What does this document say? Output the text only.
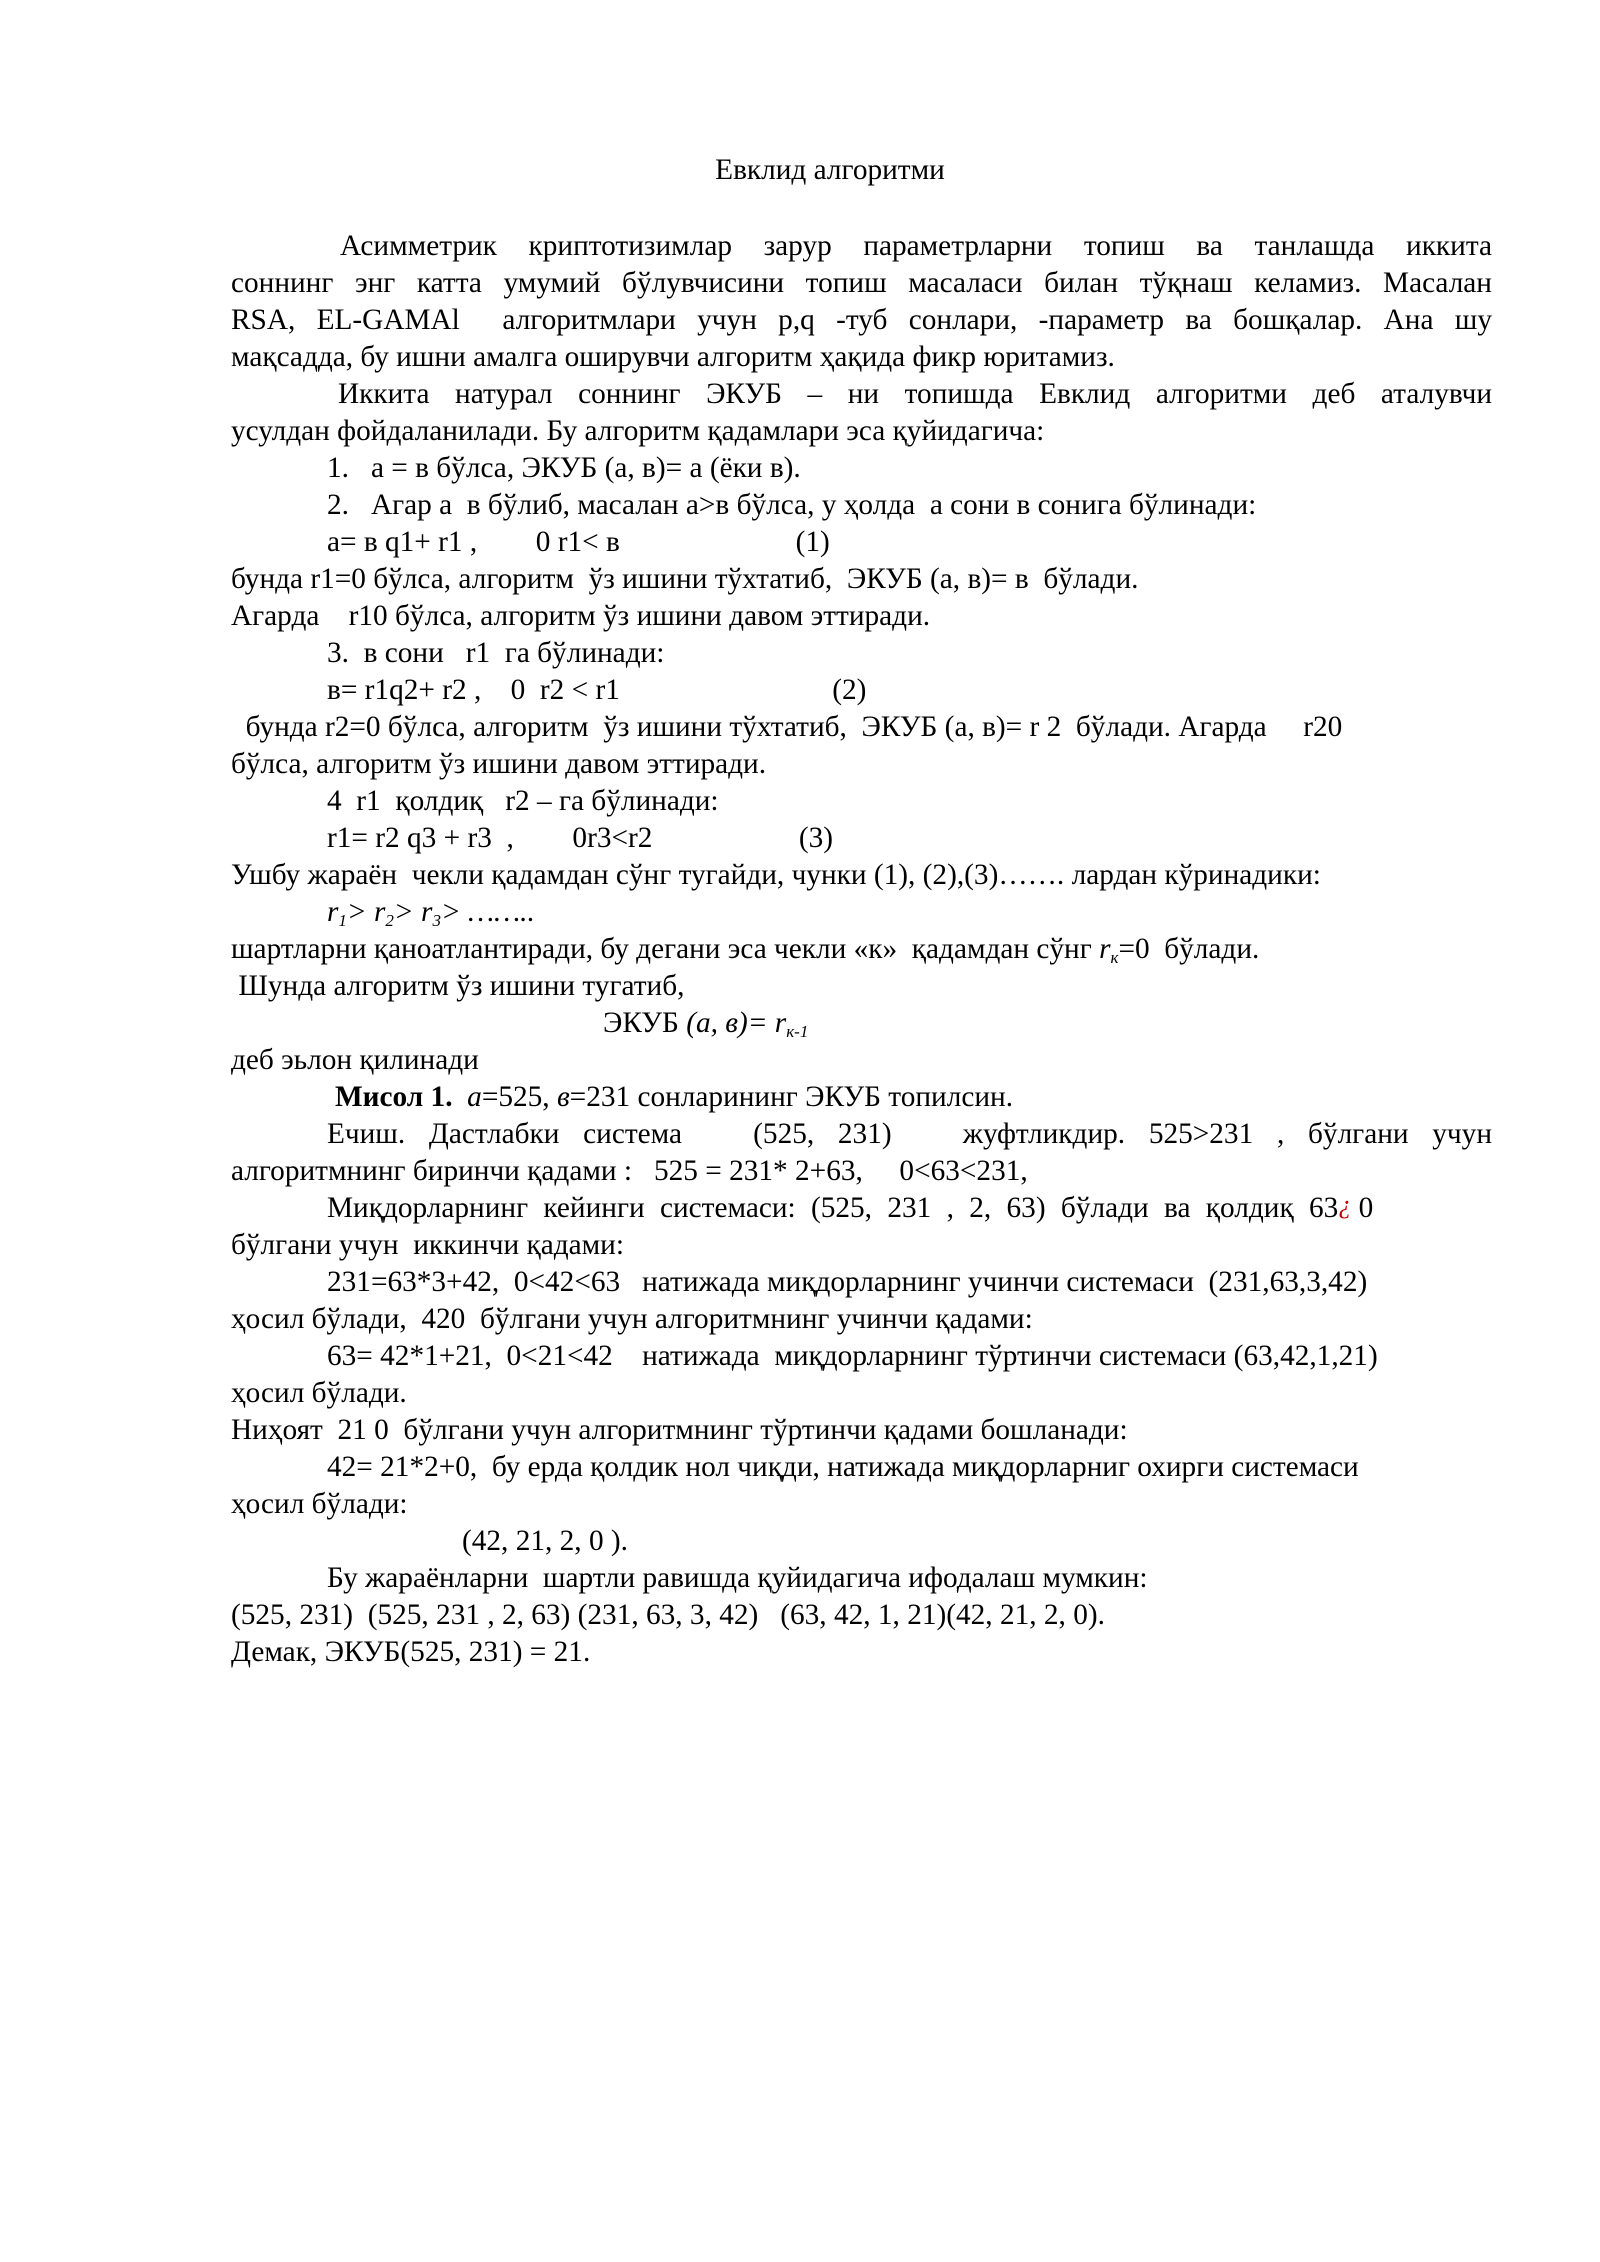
Евклид алгоритми
Асимметрик криптотизимлар зарур параметрларни топиш ва танлашда иккита
соннинг энг катта умумий бўлувчисини топиш масаласи билан тўқнаш келамиз. Масалан
RSA, EL-GAMAl  алгоритмлари учун p,q -туб сонлари, -параметр ва бошқалар. Ана шу
мақсадда, бу ишни амалга оширувчи алгоритм ҳақида фикр юритамиз.
Иккита натурал соннинг ЭКУБ – ни топишда Евклид алгоритми деб аталувчи
усулдан фойдаланилади. Бу алгоритм қадамлари эса қуйидагича:
1.   a = в бўлса, ЭКУБ (а, в)= а (ёки в).
2.   Агар а  в бўлиб, масалан a>в бўлса, у ҳолда  а сони в сонига бўлинади:
a= в q1+ r1 ,        0 r1< в                        (1)
бунда r1=0 бўлса, алгоритм  ўз ишини тўхтатиб,  ЭКУБ (а, в)= в  бўлади.
Агарда    r10 бўлса, алгоритм ўз ишини давом эттиради.
3.  в сони   r1  га бўлинади:
в= r1q2+ r2 ,    0  r2 < r1                             (2)
бунда r2=0 бўлса, алгоритм  ўз ишини тўхтатиб,  ЭКУБ (а, в)= r 2  бўлади. Агарда     r20
бўлса, алгоритм ўз ишини давом эттиради.
4  r1  қолдиқ   r2 – га бўлинади:
r1= r2 q3 + r3  ,        0r3<r2                    (3)
Ушбу жараён  чекли қадамдан сўнг тугайди, чунки (1), (2),(3)……. лардан кўринадики:
$r_1> r_2> r_3>$ ……..
шартларни қаноатлантиради, бу дегани эса чекли «к»  қадамдан сўнг $r_к=0$  бўлади.
Шунда алгоритм ўз ишини тугатиб,
ЭКУБ (а, $в)= r_{к-1}$
деб эьлон қилинади
Мисол 1.  а=525, в=231 сонларининг ЭКУБ топилсин.
Ечиш. Дастлабки система   (525, 231)   жуфтликдир. 525>231 , бўлгани учун
алгоритмнинг биринчи қадами :   525 = 231* 2+63,     0<63<231,
Миқдорларнинг кейинги системаси: (525, 231 , 2, 63) бўлади ва қолдиқ 63¿ 0
бўлгани учун  иккинчи қадами:
231=63*3+42,  0<42<63   натижада миқдорларнинг учинчи системаси  (231,63,3,42)
ҳосил бўлади,  420  бўлгани учун алгоритмнинг учинчи қадами:
63= 42*1+21,  0<21<42    натижада  миқдорларнинг тўртинчи системаси (63,42,1,21)
ҳосил бўлади.
Ниҳоят  21 0  бўлгани учун алгоритмнинг тўртинчи қадами бошланади:
42= 21*2+0,  бу ерда қолдик нол чиқди, натижада миқдорларниг охирги системаси
ҳосил бўлади:
(42, 21, 2, 0 ).
Бу жараёнларни  шартли равишда қуйидагича ифодалаш мумкин:
(525, 231)  (525, 231 , 2, 63) (231, 63, 3, 42)   (63, 42, 1, 21)(42, 21, 2, 0).
Демак, ЭКУБ(525, 231) = 21.
